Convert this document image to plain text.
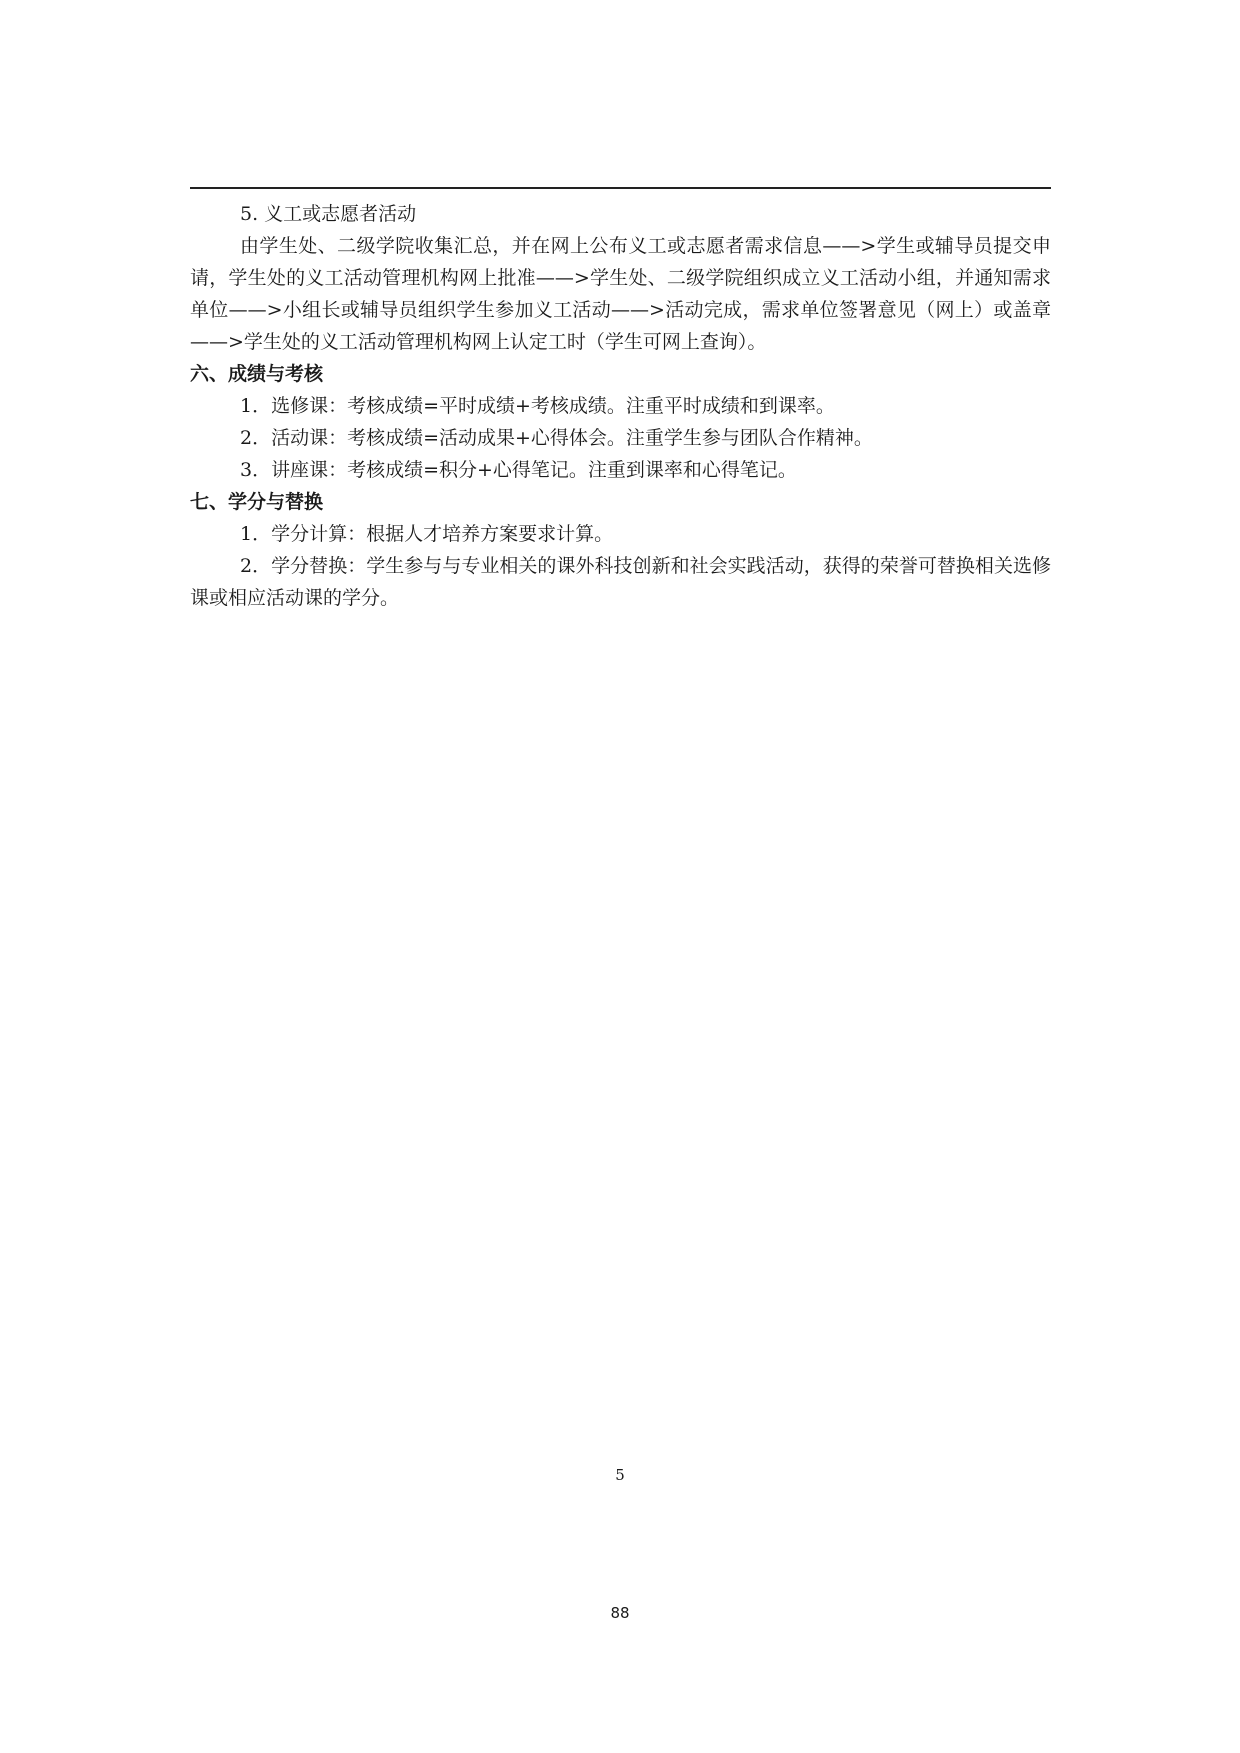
5. 义工或志愿者活动

由学生处、二级学院收集汇总，并在网上公布义工或志愿者需求信息——>学生或辅导员提交申请，学生处的义工活动管理机构网上批准——>学生处、二级学院组织成立义工活动小组，并通知需求单位——>小组长或辅导员组织学生参加义工活动——>活动完成，需求单位签署意见（网上）或盖章——>学生处的义工活动管理机构网上认定工时（学生可网上查询）。

六、成绩与考核

1．选修课：考核成绩=平时成绩+考核成绩。注重平时成绩和到课率。

2．活动课：考核成绩=活动成果+心得体会。注重学生参与团队合作精神。

3．讲座课：考核成绩=积分+心得笔记。注重到课率和心得笔记。

七、学分与替换

1．学分计算：根据人才培养方案要求计算。

2．学分替换：学生参与与专业相关的课外科技创新和社会实践活动，获得的荣誉可替换相关选修课或相应活动课的学分。

5
88
